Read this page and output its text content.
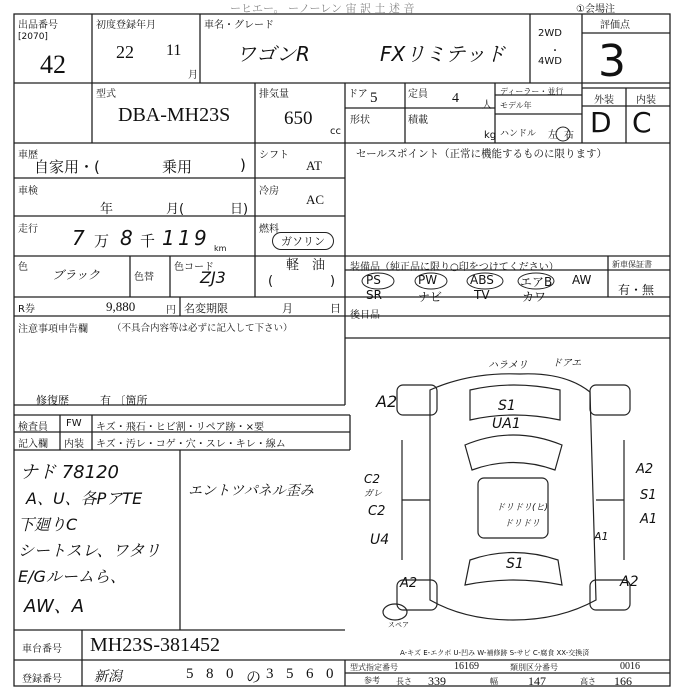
ーヒエー。 ーノーレン 宙 訳 土 述 音	①会場注
出品番号
[2070]
42
初度登録年月
22 11
月
車名・グレード
ワゴンR	FXリミテッド
2WD
・
4WD
評価点
3
型式
DBA-MH23S
排気量
650
cc
ドア 5	定員 4 人
形状	積載
kg
ディーラー・並行
モデル年
ハンドル 左 右
外装 内装
D C
車歴
自家用・(	乗用	)
シフト
AT
車検
年	月(	日)
冷房
AC
走行 7 万 8 千 1 1 9 km
燃料
ガソリン
軽 油
(	)
色
ブラック	色替
色コード
ZJ3
R券	9,880	円 名変期限	月	日
セールスポイント（正常に機能するものに限ります）
装備品（純正品に限り○印をつけてください）	新車保証書
有・無
PS	PW	ABS エアB AW
SR	ナビ	TV	カワ
後日品
注意事項申告欄	（不具合内容等は必ずに記入して下さい）
修復歴	有 〔箇所
検査員
記入欄
FW キズ・飛石・ヒビ割・リペア跡・×要
内装 キズ・汚レ・コゲ・穴・スレ・キレ・線ム
ナド 78120
A、U、各PアTE
下廻りC
シートスレ、ワタリ
E/Gルームら、
AW、A
エントツパネル歪み
ハラメリ ドアエ
A2	S1
UA1
C2
ガレ
C2
U4
A2
S1
A1
A1
ドリドリ(ヒ)
ドリドリ
S1
A2	A2
スペア
A-キズ E-エクボ U-凹み W-補修跡 S-サビ C-腐食 XX-交換済
車台番号 MH23S-381452
登録番号 新潟	5 8 0 の 3 5 6 0 型式指定番号	16169	類別区分番号	0016
参考 長さ 339	幅	147	高さ 166
